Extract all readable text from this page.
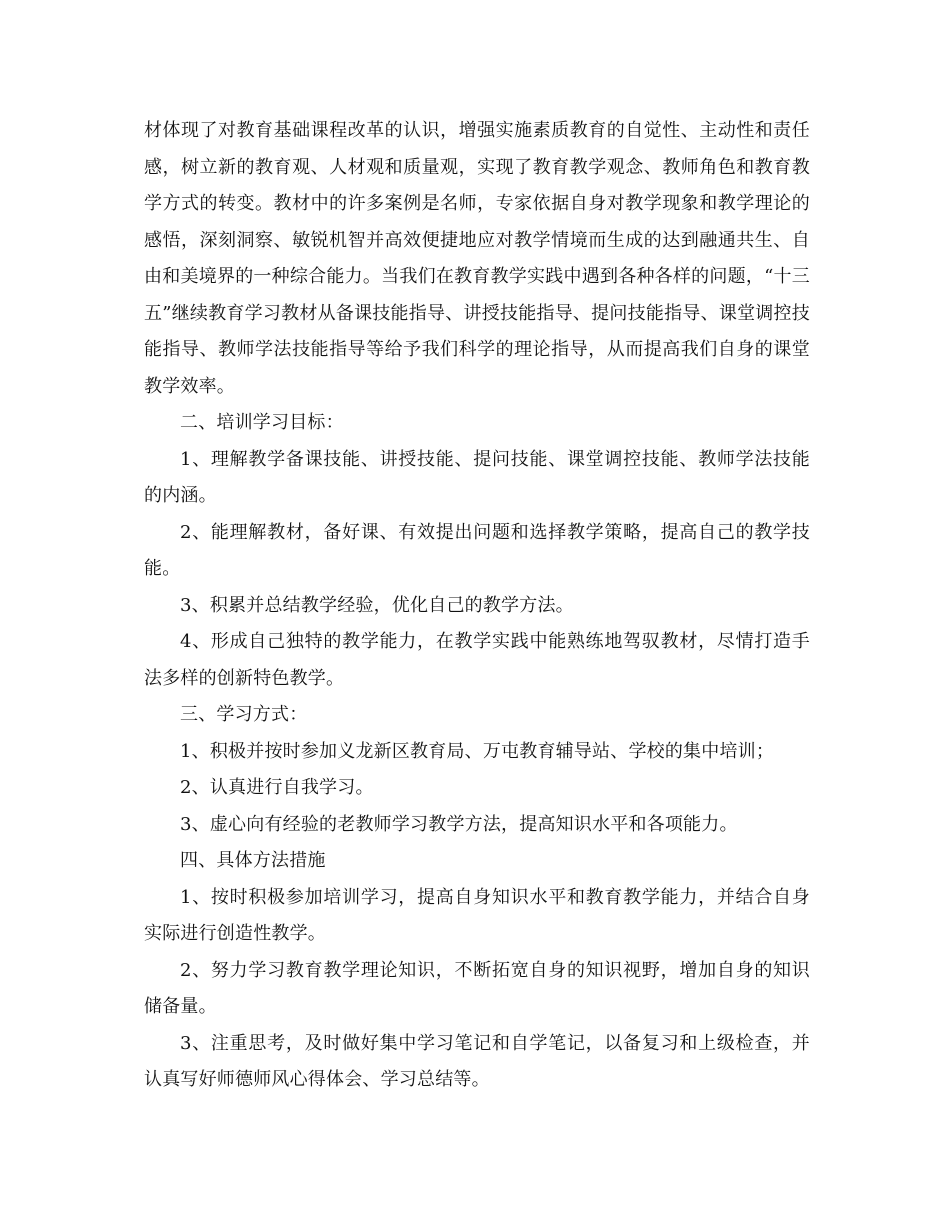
材体现了对教育基础课程改革的认识，增强实施素质教育的自觉性、主动性和责任感，树立新的教育观、人材观和质量观，实现了教育教学观念、教师角色和教育教学方式的转变。教材中的许多案例是名师，专家依据自身对教学现象和教学理论的感悟，深刻洞察、敏锐机智并高效便捷地应对教学情境而生成的达到融通共生、自由和美境界的一种综合能力。当我们在教育教学实践中遇到各种各样的问题，“十三五”继续教育学习教材从备课技能指导、讲授技能指导、提问技能指导、课堂调控技能指导、教师学法技能指导等给予我们科学的理论指导，从而提高我们自身的课堂教学效率。

二、培训学习目标：

1、理解教学备课技能、讲授技能、提问技能、课堂调控技能、教师学法技能的内涵。

2、能理解教材，备好课、有效提出问题和选择教学策略，提高自己的教学技能。

3、积累并总结教学经验，优化自己的教学方法。

4、形成自己独特的教学能力，在教学实践中能熟练地驾驭教材，尽情打造手法多样的创新特色教学。

三、学习方式：

1、积极并按时参加义龙新区教育局、万屯教育辅导站、学校的集中培训；

2、认真进行自我学习。

3、虚心向有经验的老教师学习教学方法，提高知识水平和各项能力。

四、具体方法措施

1、按时积极参加培训学习，提高自身知识水平和教育教学能力，并结合自身实际进行创造性教学。

2、努力学习教育教学理论知识，不断拓宽自身的知识视野，增加自身的知识储备量。

3、注重思考，及时做好集中学习笔记和自学笔记，以备复习和上级检查，并认真写好师德师风心得体会、学习总结等。
